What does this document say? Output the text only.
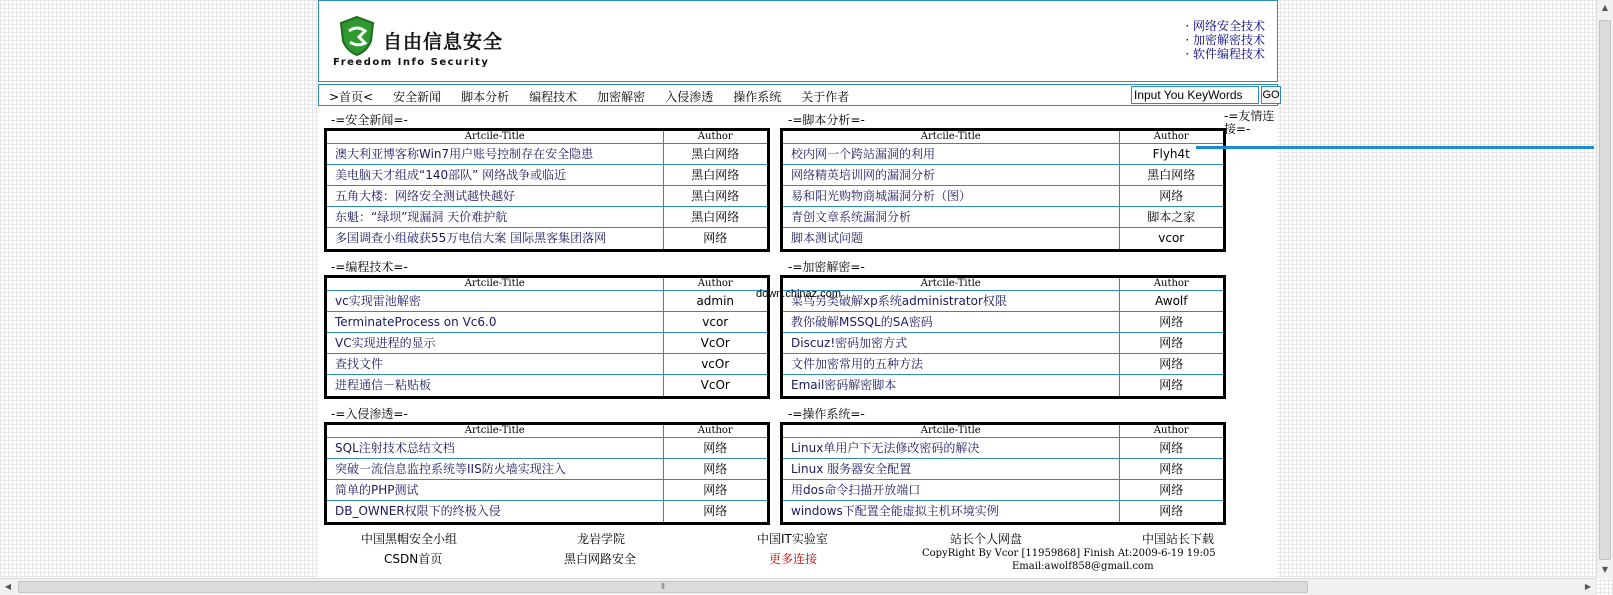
自由信息安全
Freedom Info Security
· 网络安全技术
· 加密解密技术
· 软件编程技术
>首页< 安全新闻 脚本分析 编程技术 加密解密 入侵渗透 操作系统 关于作者
Input You KeyWords	GO
-=安全新闻=-	-=脚本分析=-
-=编程技术=-	-=加密解密=-
-=入侵渗透=-	-=操作系统=-
Artcile-Title	Author
澳大利亚博客称Win7用户账号控制存在安全隐患	黑白网络
美电脑天才组成“140部队” 网络战争或临近	黑白网络
五角大楼：网络安全测试越快越好	黑白网络
东魁：“绿坝”现漏洞 天价难护航	黑白网络
多国调查小组破获55万电信大案 国际黑客集团落网	网络
Artcile-Title	Author
校内网一个跨站漏洞的利用	Flyh4t
网络精英培训网的漏洞分析	黑白网络
易和阳光购物商城漏洞分析（图）	网络
青创文章系统漏洞分析	脚本之家
脚本测试问题	vcor
Artcile-Title	Author
vc实现雷池解密	admin
TerminateProcess on Vc6.0	vcor
VC实现进程的显示	VcOr
查找文件	vcOr
进程通信－粘贴板	VcOr
Artcile-Title	Author
菜鸟另类破解xp系统administrator权限	Awolf
教你破解MSSQL的SA密码	网络
Discuz!密码加密方式	网络
文件加密常用的五种方法	网络
Email密码解密脚本	网络
Artcile-Title	Author
SQL注射技术总结文档	网络
突破一流信息监控系统等IIS防火墙实现注入	网络
简单的PHP测试	网络
DB_OWNER权限下的终极入侵	网络
Artcile-Title	Author
Linux单用户下无法修改密码的解决	网络
Linux 服务器安全配置	网络
用dos命令扫描开放端口	网络
windows下配置全能虚拟主机环境实例	网络
-=友情连接=-
down.chinaz.com
中国黑帽安全小组	龙岩学院	中国IT实验室	站长个人网盘	中国站长下载
CSDN首页	黑白网路安全	更多连接	CopyRight By Vcor [11959868] Finish At:2009-6-19 19:05
Email:awolf858@gmail.com
▲
▼
◀	⦀	▶
